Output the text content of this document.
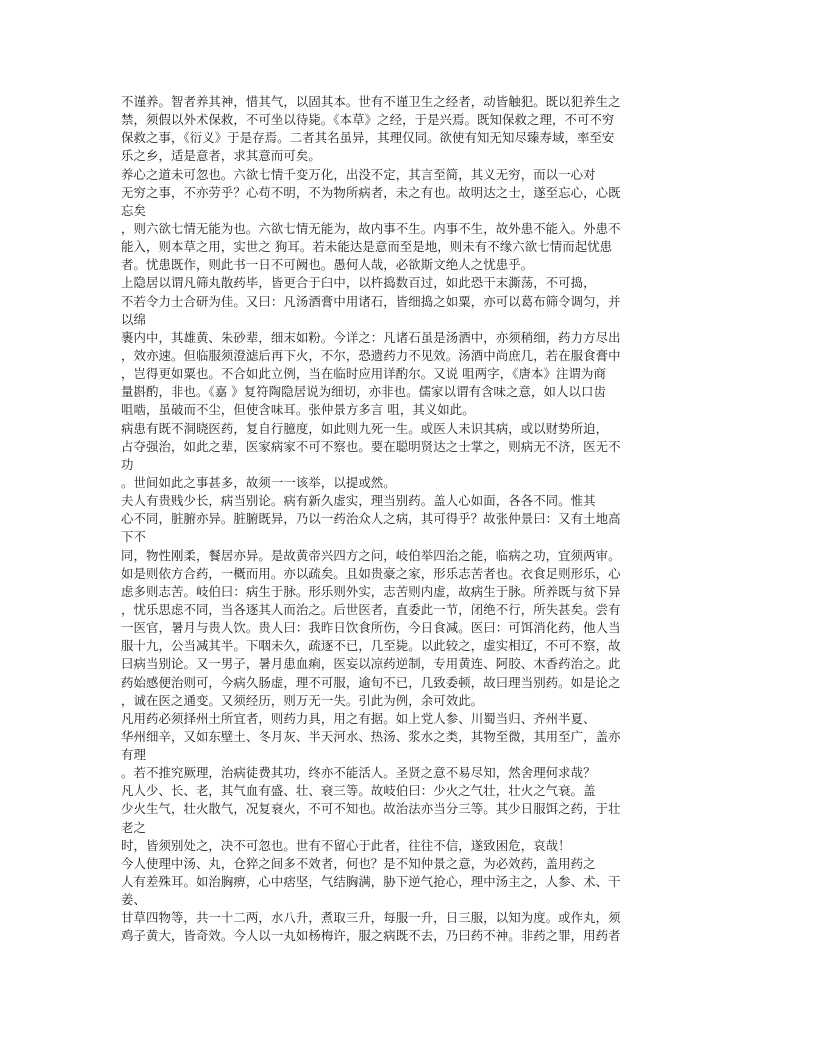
不谨养。智者养其神，惜其气，以固其本。世有不谨卫生之经者，动皆触犯。既以犯养生之
禁，须假以外术保救，不可坐以待毙。《本草》之经，于是兴焉。既知保救之理，不可不穷
保救之事，《衍义》于是存焉。二者其名虽异，其理仅同。欲使有知无知尽臻寿域，率至安
乐之乡，适是意者，求其意而可矣。
养心之道未可忽也。六欲七情千变万化，出没不定，其言至简，其义无穷，而以一心对
无穷之事，不亦劳乎？心苟不明，不为物所病者，未之有也。故明达之士，遂至忘心，心既
忘矣
，则六欲七情无能为也。六欲七情无能为，故内事不生。内事不生，故外患不能入。外患不
能入，则本草之用，实世之 狗耳。若未能达是意而至是地，则未有不缘六欲七情而起忧患
者。忧患既作，则此书一日不可阙也。愚何人哉，必欲斯文绝人之忧患乎。
上隐居以谓凡筛丸散药毕，皆更合于臼中，以杵捣数百过，如此恐干末澌荡，不可捣，
不若令力士合研为佳。又曰：凡汤酒膏中用诸石，皆细捣之如粟，亦可以葛布筛令调匀，并
以绵
裹内中，其雄黄、朱砂辈，细末如粉。今详之：凡诸石虽是汤酒中，亦须稍细，药力方尽出
，效亦速。但临服须澄滤后再下火，不尔，恐遗药力不见效。汤酒中尚庶几，若在服食膏中
，岂得更如粟也。不合如此立例，当在临时应用详酌尔。又说 咀两字，《唐本》注谓为商
量斟酌，非也。《嘉 》复符陶隐居说为细切，亦非也。儒家以谓有含味之意，如人以口齿
咀啮，虽破而不尘，但使含味耳。张仲景方多言 咀，其义如此。
病患有既不洞晓医药，复自行臆度，如此则九死一生。或医人未识其病，或以财势所迫，
占夺强治，如此之辈，医家病家不可不察也。要在聪明贤达之士掌之，则病无不济，医无不
功
。世间如此之事甚多，故须一一该举，以提或然。
夫人有贵贱少长，病当别论。病有新久虚实，理当别药。盖人心如面，各各不同。惟其
心不同，脏腑亦异。脏腑既异，乃以一药治众人之病，其可得乎？故张仲景曰：又有土地高
下不
同，物性刚柔，餐居亦异。是故黄帝兴四方之问，岐伯举四治之能，临病之功，宜须两审。
如是则依方合药，一概而用。亦以疏矣。且如贵豪之家，形乐志苦者也。衣食足则形乐，心
虑多则志苦。岐伯曰：病生于脉。形乐则外实，志苦则内虚，故病生于脉。所养既与贫下异
，忧乐思虑不同，当各逐其人而治之。后世医者，直委此一节，闭绝不行，所失甚矣。尝有
一医官，暑月与贵人饮。贵人曰：我昨日饮食所伤，今日食减。医曰：可饵消化药，他人当
服十九，公当减其半。下咽未久，疏逐不已，几至毙。以此较之，虚实相辽，不可不察，故
曰病当别论。又一男子，暑月患血痢，医妄以凉药逆制，专用黄连、阿胶、木香药治之。此
药始感便治则可，今病久肠虚，理不可服，逾旬不已，几致委顿，故曰理当别药。如是论之
，诚在医之通变。又须经历，则万无一失。引此为例，余可效此。
凡用药必须择州土所宜者，则药力具，用之有据。如上党人参、川蜀当归、齐州半夏、
华州细辛，又如东壁土、冬月灰、半天河水、热汤、浆水之类，其物至微，其用至广，盖亦
有理
。若不推究厥理，治病徒费其功，终亦不能活人。圣贤之意不易尽知，然舍理何求哉？
凡人少、长、老，其气血有盛、壮、衰三等。故岐伯曰：少火之气壮，壮火之气衰。盖
少火生气，壮火散气，况复衰火，不可不知也。故治法亦当分三等。其少日服饵之药，于壮
老之
时，皆须别处之，决不可忽也。世有不留心于此者，往往不信，遂致困危，哀哉！
今人使理中汤、丸，仓猝之间多不效者，何也？是不知仲景之意，为必效药，盖用药之
人有差殊耳。如治胸痹，心中痞坚，气结胸满，胁下逆气抢心，理中汤主之，人参、术、干
姜、
甘草四物等，共一十二两，水八升，煮取三升，每服一升，日三服，以知为度。或作丸，须
鸡子黄大，皆奇效。今人以一丸如杨梅许，服之病既不去，乃曰药不神。非药之罪，用药者
